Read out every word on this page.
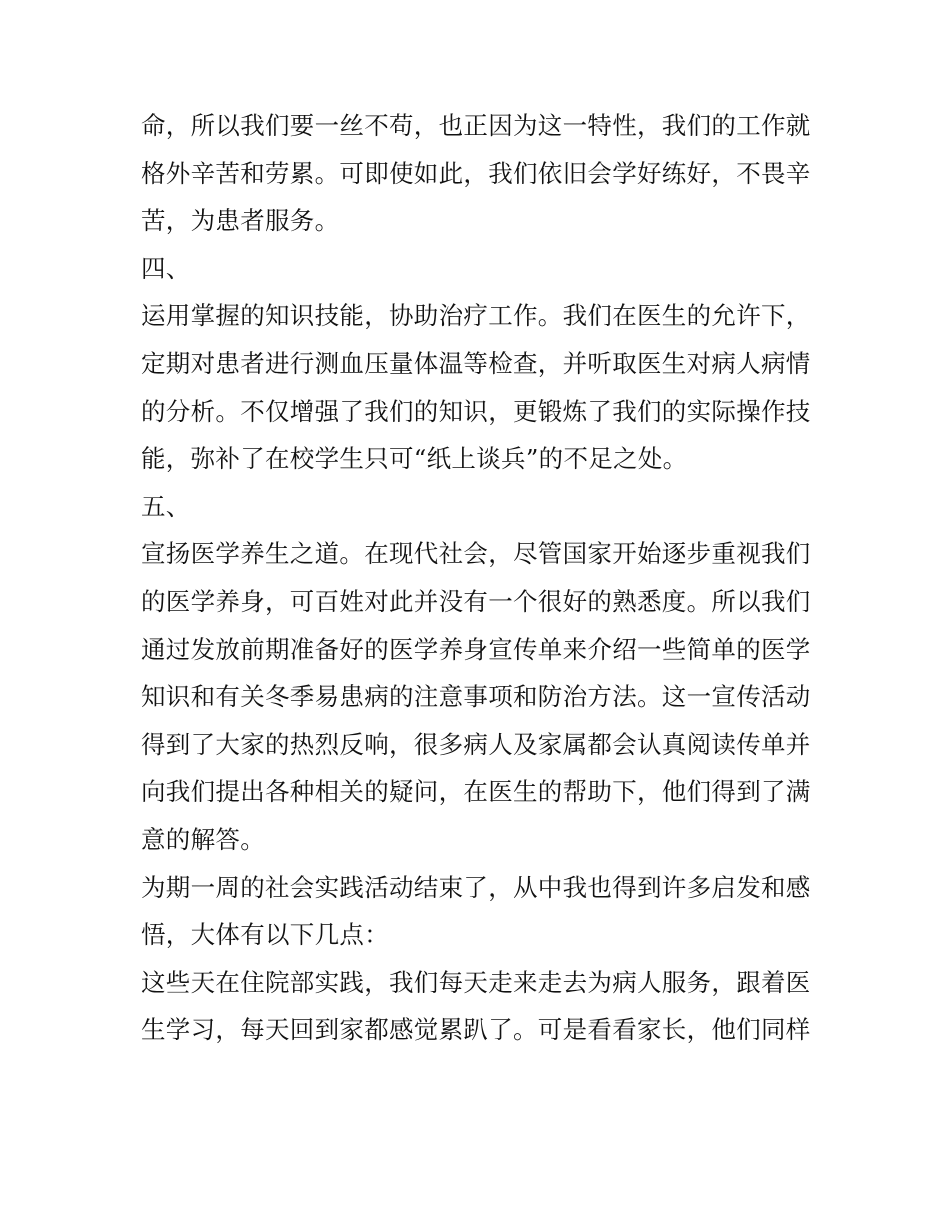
命，所以我们要一丝不苟，也正因为这一特性，我们的工作就
格外辛苦和劳累。可即使如此，我们依旧会学好练好，不畏辛
苦，为患者服务。
四、
运用掌握的知识技能，协助治疗工作。我们在医生的允许下，
定期对患者进行测血压量体温等检查，并听取医生对病人病情
的分析。不仅增强了我们的知识，更锻炼了我们的实际操作技
能，弥补了在校学生只可“纸上谈兵”的不足之处。
五、
宣扬医学养生之道。在现代社会，尽管国家开始逐步重视我们
的医学养身，可百姓对此并没有一个很好的熟悉度。所以我们
通过发放前期准备好的医学养身宣传单来介绍一些简单的医学
知识和有关冬季易患病的注意事项和防治方法。这一宣传活动
得到了大家的热烈反响，很多病人及家属都会认真阅读传单并
向我们提出各种相关的疑问，在医生的帮助下，他们得到了满
意的解答。
为期一周的社会实践活动结束了，从中我也得到许多启发和感
悟，大体有以下几点：
这些天在住院部实践，我们每天走来走去为病人服务，跟着医
生学习，每天回到家都感觉累趴了。可是看看家长，他们同样
